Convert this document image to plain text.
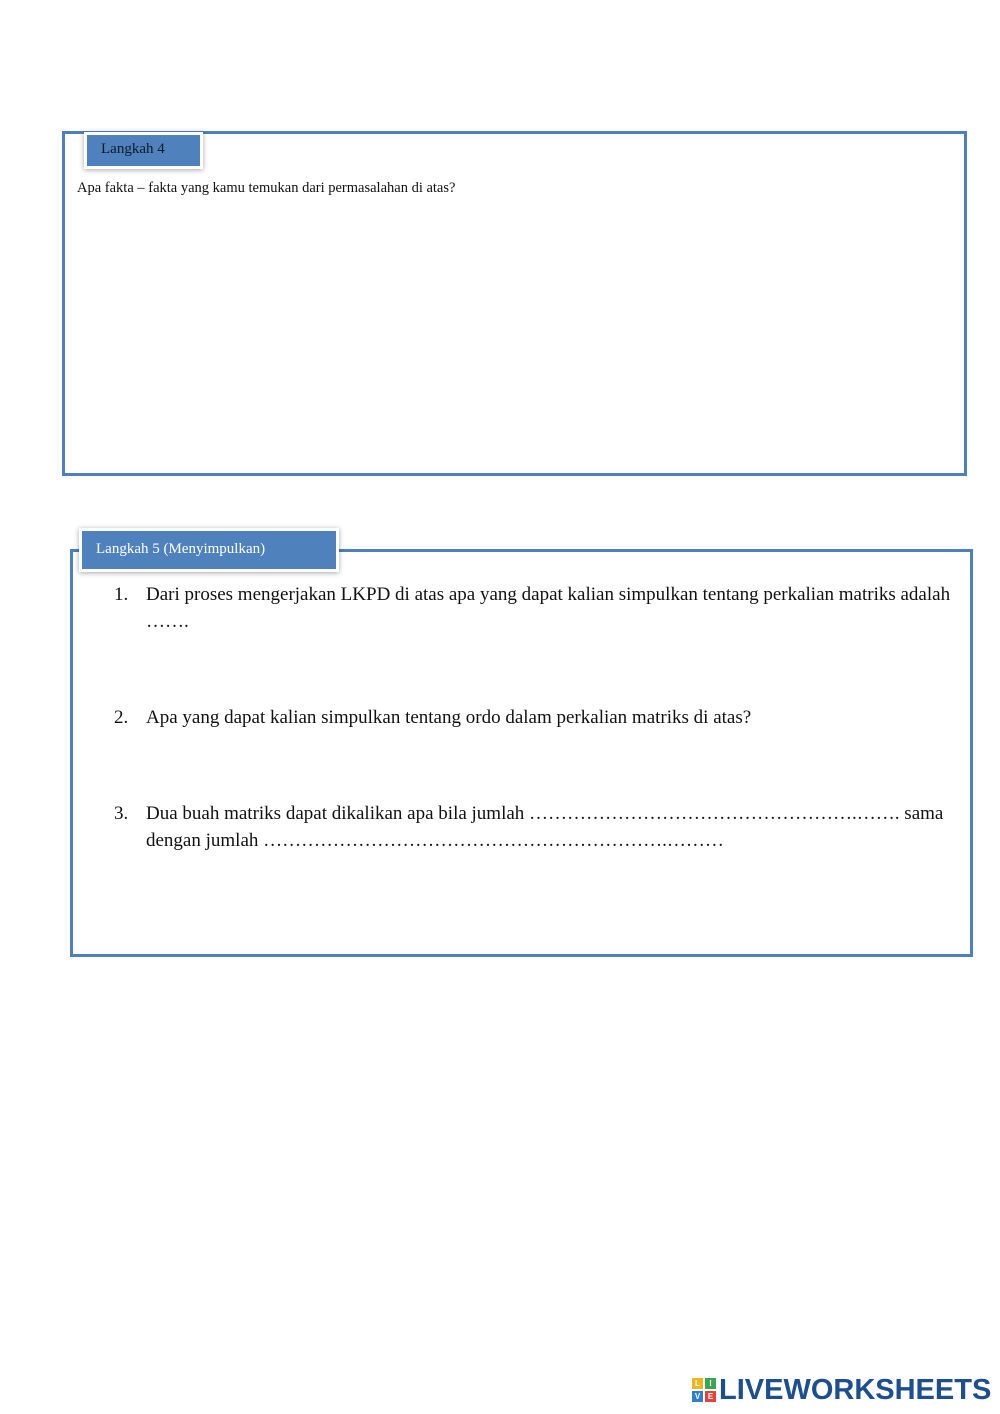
Langkah 4
Apa fakta – fakta yang kamu temukan dari permasalahan di atas?
Langkah 5 (Menyimpulkan)
1. Dari proses mengerjakan LKPD di atas apa yang dapat kalian simpulkan tentang perkalian matriks adalah …….
2. Apa yang dapat kalian simpulkan tentang ordo dalam perkalian matriks di atas?
3. Dua buah matriks dapat dikalikan apa bila jumlah …………………………………………….……. sama dengan jumlah ……………………………………………………….………
L	I
V E LIVEWORKSHEETS
